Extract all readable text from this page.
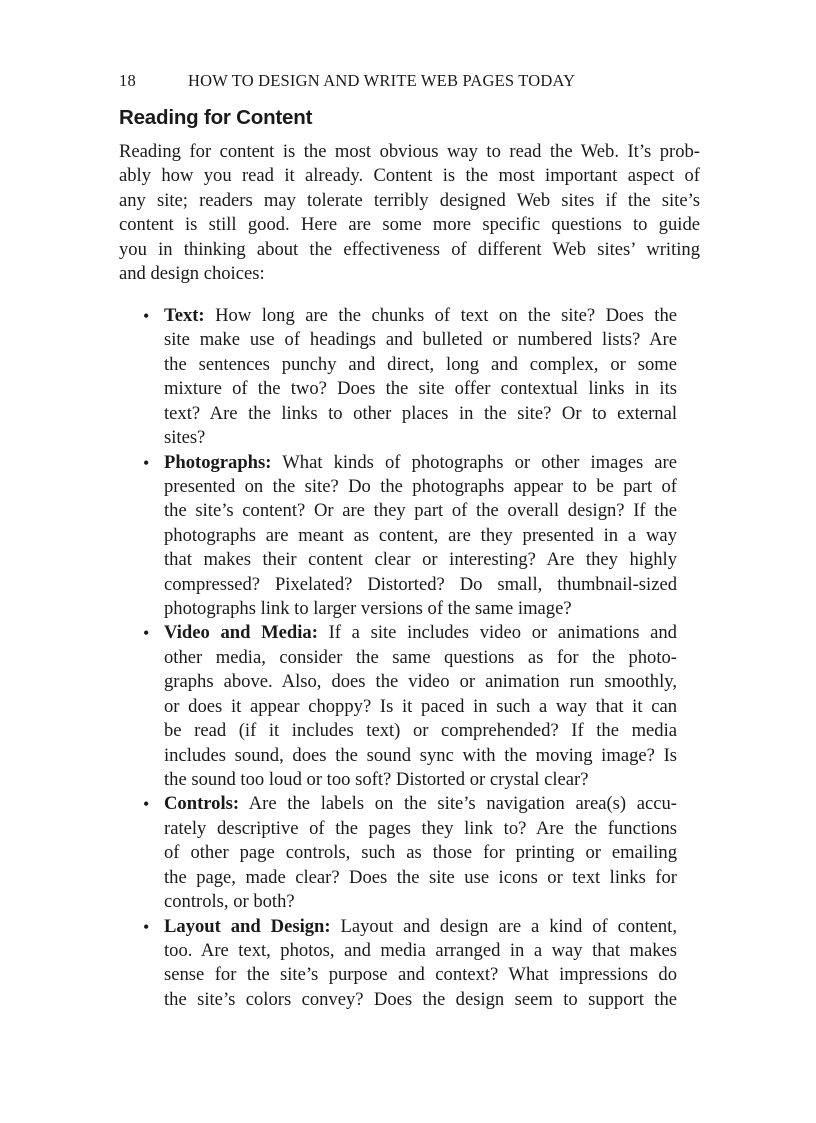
18	HOW TO DESIGN AND WRITE WEB PAGES TODAY
Reading for Content
Reading for content is the most obvious way to read the Web. It’s prob-
ably how you read it already. Content is the most important aspect of
any site; readers may tolerate terribly designed Web sites if the site’s
content is still good. Here are some more specific questions to guide
you in thinking about the effectiveness of different Web sites’ writing
and design choices:
• Text: How long are the chunks of text on the site? Does the
site make use of headings and bulleted or numbered lists? Are
the sentences punchy and direct, long and complex, or some
mixture of the two? Does the site offer contextual links in its
text? Are the links to other places in the site? Or to external
sites?
• Photographs: What kinds of photographs or other images are
presented on the site? Do the photographs appear to be part of
the site’s content? Or are they part of the overall design? If the
photographs are meant as content, are they presented in a way
that makes their content clear or interesting? Are they highly
compressed? Pixelated? Distorted? Do small, thumbnail-sized
photographs link to larger versions of the same image?
• Video and Media: If a site includes video or animations and
other media, consider the same questions as for the photo-
graphs above. Also, does the video or animation run smoothly,
or does it appear choppy? Is it paced in such a way that it can
be read (if it includes text) or comprehended? If the media
includes sound, does the sound sync with the moving image? Is
the sound too loud or too soft? Distorted or crystal clear?
• Controls: Are the labels on the site’s navigation area(s) accu-
rately descriptive of the pages they link to? Are the functions
of other page controls, such as those for printing or emailing
the page, made clear? Does the site use icons or text links for
controls, or both?
• Layout and Design: Layout and design are a kind of content,
too. Are text, photos, and media arranged in a way that makes
sense for the site’s purpose and context? What impressions do
the site’s colors convey? Does the design seem to support the
